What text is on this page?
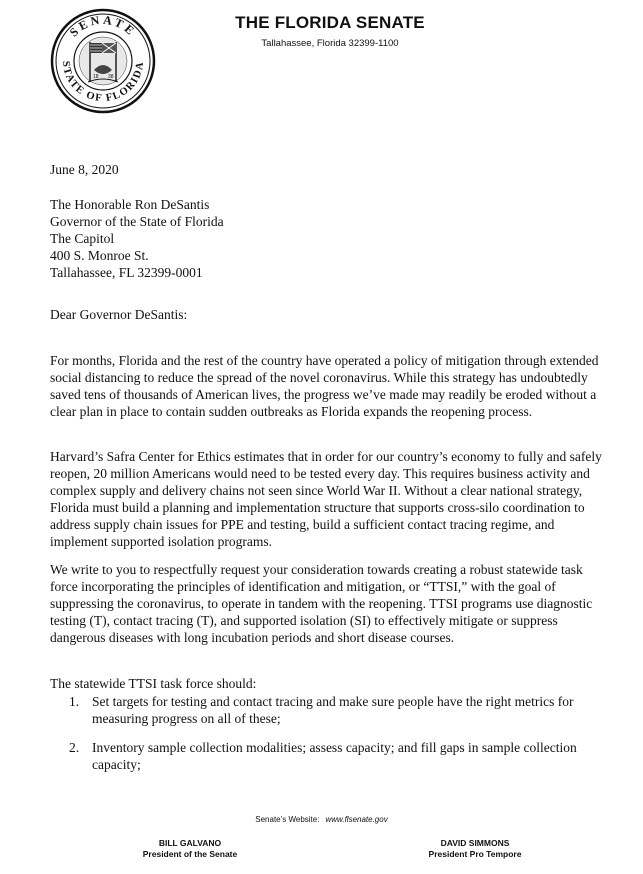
SENATE
STATE OF FLORIDA
18 38
THE FLORIDA SENATE
Tallahassee, Florida 32399-1100
June 8, 2020
The Honorable Ron DeSantis
Governor of the State of Florida
The Capitol
400 S. Monroe St.
Tallahassee, FL 32399-0001
Dear Governor DeSantis:

For months, Florida and the rest of the country have operated a policy of mitigation through extended social distancing to reduce the spread of the novel coronavirus. While this strategy has undoubtedly saved tens of thousands of American lives, the progress we’ve made may readily be eroded without a clear plan in place to contain sudden outbreaks as Florida expands the reopening process.

Harvard’s Safra Center for Ethics estimates that in order for our country’s economy to fully and safely reopen, 20 million Americans would need to be tested every day. This requires business activity and complex supply and delivery chains not seen since World War II. Without a clear national strategy, Florida must build a planning and implementation structure that supports cross-silo coordination to address supply chain issues for PPE and testing, build a sufficient contact tracing regime, and implement supported isolation programs.

We write to you to respectfully request your consideration towards creating a robust statewide task force incorporating the principles of identification and mitigation, or “TTSI,” with the goal of suppressing the coronavirus, to operate in tandem with the reopening. TTSI programs use diagnostic testing (T), contact tracing (T), and supported isolation (SI) to effectively mitigate or suppress dangerous diseases with long incubation periods and short disease courses.

The statewide TTSI task force should:

1. Set targets for testing and contact tracing and make sure people have the right metrics for measuring progress on all of these;
2. Inventory sample collection modalities; assess capacity; and fill gaps in sample collection capacity;
Senate’s Website: www.flsenate.gov
BILL GALVANO
President of the Senate
DAVID SIMMONS
President Pro Tempore
